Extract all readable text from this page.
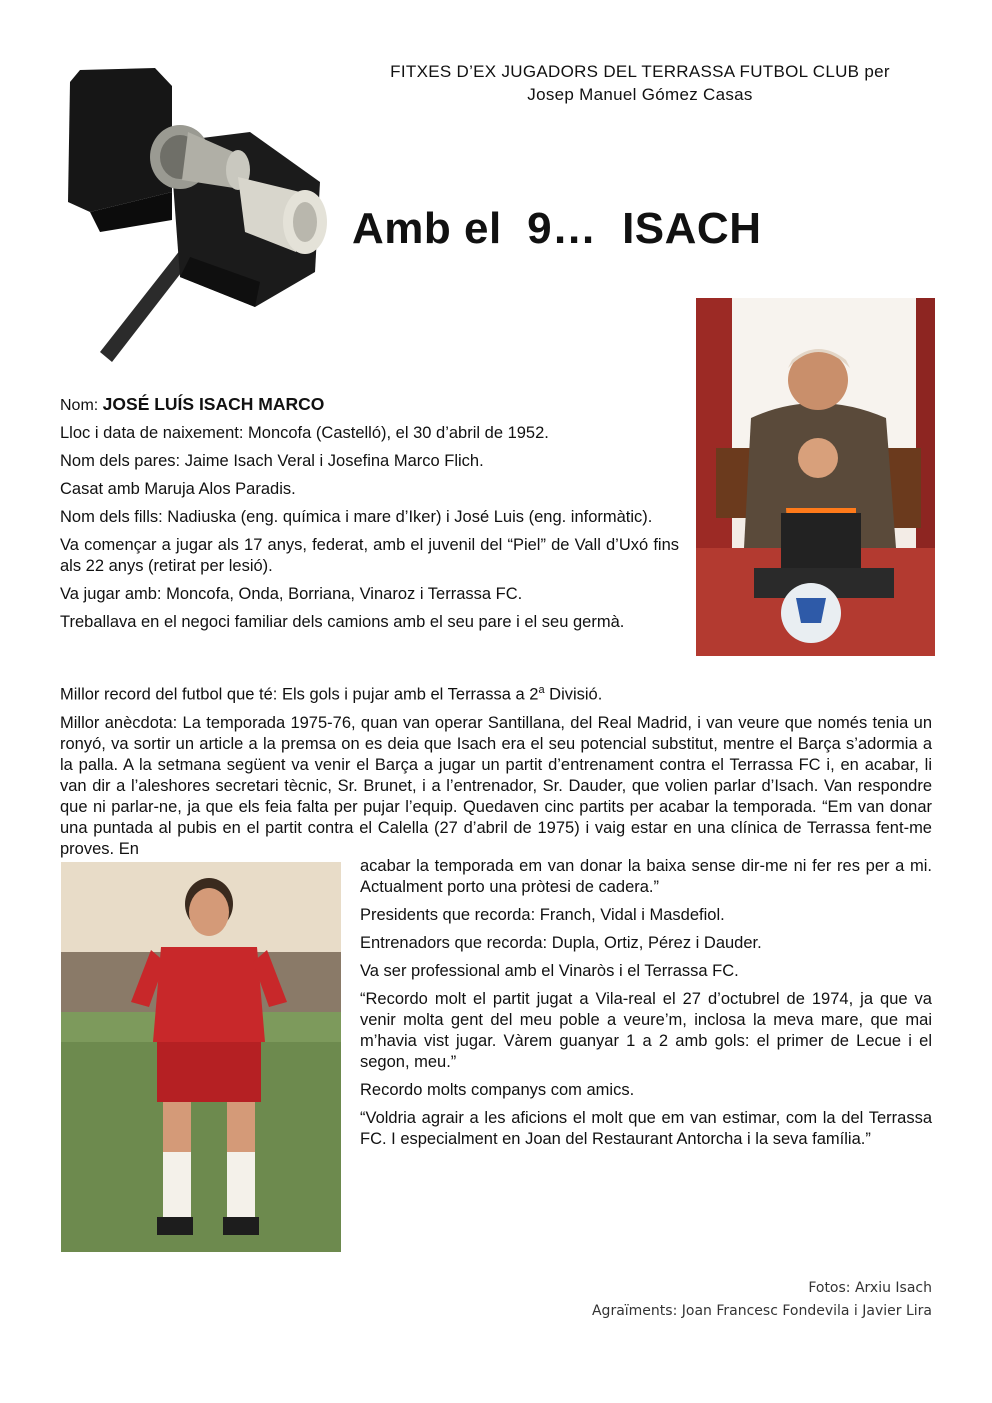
FITXES D’EX JUGADORS DEL TERRASSA FUTBOL CLUB per
Josep Manuel Gómez Casas
Amb el  9…  ISACH

Nom: JOSÉ LUÍS ISACH MARCO

Lloc i data de naixement: Moncofa (Castelló), el 30 d’abril de 1952.

Nom dels pares: Jaime Isach Veral i Josefina Marco Flich.

Casat amb Maruja Alos Paradis.

Nom dels fills: Nadiuska (eng. química i mare d’Iker) i José Luis (eng. informàtic).

Va començar a jugar als 17 anys, federat, amb el juvenil del “Piel” de Vall d’Uxó fins als 22 anys (retirat per lesió).

Va jugar amb: Moncofa, Onda, Borriana, Vinaroz i Terrassa FC.

Treballava en el negoci familiar dels camions amb el seu pare i el seu germà.

Millor record del futbol que té: Els gols i pujar amb el Terrassa a 2$^a$ Divisió.

Millor anècdota: La temporada 1975-76, quan van operar Santillana, del Real Madrid, i van veure que només tenia un ronyó, va sortir un article a la premsa on es deia que Isach era el seu potencial substitut, mentre el Barça s’adormia a la palla. A la setmana següent va venir el Barça a jugar un partit d’entrenament contra el Terrassa FC i, en acabar, li van dir a l’aleshores secretari tècnic, Sr. Brunet, i a l’entrenador, Sr. Dauder, que volien parlar d’Isach. Van respondre que ni parlar-ne, ja que els feia falta per pujar l’equip. Quedaven cinc partits per acabar la temporada. “Em van donar una puntada al pubis en el partit contra el Calella (27 d’abril de 1975) i vaig estar en una clínica de Terrassa fent-me proves. En

acabar la temporada em van donar la baixa sense dir-me ni fer res per a mi. Actualment porto una pròtesi de cadera.”

Presidents que recorda: Franch, Vidal i Masdefiol.

Entrenadors que recorda: Dupla, Ortiz, Pérez i Dauder.

Va ser professional amb el Vinaròs i el Terrassa FC.

“Recordo molt el partit jugat a Vila-real el 27 d’octubrel de 1974, ja que va venir molta gent del meu poble a veure’m, inclosa la meva mare, que mai m’havia vist jugar. Vàrem guanyar 1 a 2 amb gols: el primer de Lecue i el segon, meu.”

Recordo molts companys com amics.

“Voldria agrair a les aficions el molt que em van estimar, com la del Terrassa FC. I especialment en Joan del Restaurant Antorcha i la seva família.”

Fotos: Arxiu Isach
Agraïments: Joan Francesc Fondevila i Javier Lira
